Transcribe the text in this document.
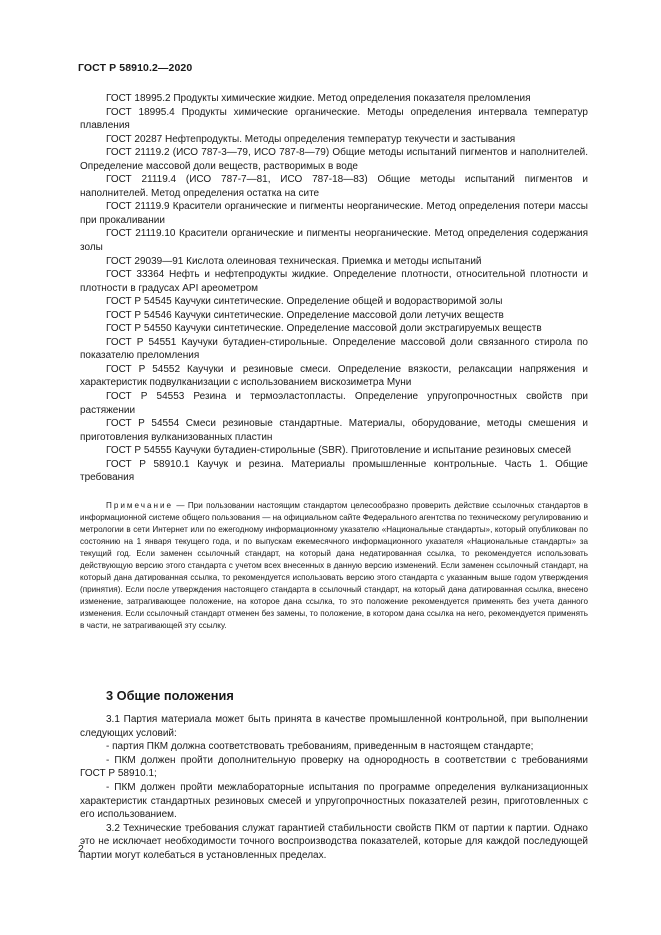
ГОСТ Р 58910.2—2020

ГОСТ 18995.2 Продукты химические жидкие. Метод определения показателя преломления

ГОСТ 18995.4 Продукты химические органические. Методы определения интервала температур плавления

ГОСТ 20287 Нефтепродукты. Методы определения температур текучести и застывания

ГОСТ 21119.2 (ИСО 787-3—79, ИСО 787-8—79) Общие методы испытаний пигментов и наполнителей. Определение массовой доли веществ, растворимых в воде

ГОСТ 21119.4 (ИСО 787-7—81, ИСО 787-18—83) Общие методы испытаний пигментов и наполнителей. Метод определения остатка на сите

ГОСТ 21119.9 Красители органические и пигменты неорганические. Метод определения потери массы при прокаливании

ГОСТ 21119.10 Красители органические и пигменты неорганические. Метод определения содержания золы

ГОСТ 29039—91 Кислота олеиновая техническая. Приемка и методы испытаний

ГОСТ 33364 Нефть и нефтепродукты жидкие. Определение плотности, относительной плотности и плотности в градусах API ареометром

ГОСТ Р 54545 Каучуки синтетические. Определение общей и водорастворимой золы

ГОСТ Р 54546 Каучуки синтетические. Определение массовой доли летучих веществ

ГОСТ Р 54550 Каучуки синтетические. Определение массовой доли экстрагируемых веществ

ГОСТ Р 54551 Каучуки бутадиен-стирольные. Определение массовой доли связанного стирола по показателю преломления

ГОСТ Р 54552 Каучуки и резиновые смеси. Определение вязкости, релаксации напряжения и характеристик подвулканизации с использованием вискозиметра Муни

ГОСТ Р 54553 Резина и термоэластопласты. Определение упругопрочностных свойств при растяжении

ГОСТ Р 54554 Смеси резиновые стандартные. Материалы, оборудование, методы смешения и приготовления вулканизованных пластин

ГОСТ Р 54555 Каучуки бутадиен-стирольные (SBR). Приготовление и испытание резиновых смесей

ГОСТ Р 58910.1 Каучук и резина. Материалы промышленные контрольные. Часть 1. Общие требования

Примечание — При пользовании настоящим стандартом целесообразно проверить действие ссылочных стандартов в информационной системе общего пользования — на официальном сайте Федерального агентства по техническому регулированию и метрологии в сети Интернет или по ежегодному информационному указателю «Национальные стандарты», который опубликован по состоянию на 1 января текущего года, и по выпускам ежемесячного информационного указателя «Национальные стандарты» за текущий год. Если заменен ссылочный стандарт, на который дана недатированная ссылка, то рекомендуется использовать действующую версию этого стандарта с учетом всех внесенных в данную версию изменений. Если заменен ссылочный стандарт, на который дана датированная ссылка, то рекомендуется использовать версию этого стандарта с указанным выше годом утверждения (принятия). Если после утверждения настоящего стандарта в ссылочный стандарт, на который дана датированная ссылка, внесено изменение, затрагивающее положение, на которое дана ссылка, то это положение рекомендуется применять без учета данного изменения. Если ссылочный стандарт отменен без замены, то положение, в котором дана ссылка на него, рекомендуется применять в части, не затрагивающей эту ссылку.

3 Общие положения

3.1 Партия материала может быть принята в качестве промышленной контрольной, при выполнении следующих условий:

- партия ПКМ должна соответствовать требованиям, приведенным в настоящем стандарте;

- ПКМ должен пройти дополнительную проверку на однородность в соответствии с требованиями ГОСТ Р 58910.1;

- ПКМ должен пройти межлабораторные испытания по программе определения вулканизационных характеристик стандартных резиновых смесей и упругопрочностных показателей резин, приготовленных с его использованием.

3.2 Технические требования служат гарантией стабильности свойств ПКМ от партии к партии. Однако это не исключает необходимости точного воспроизводства показателей, которые для каждой последующей партии могут колебаться в установленных пределах.

2
